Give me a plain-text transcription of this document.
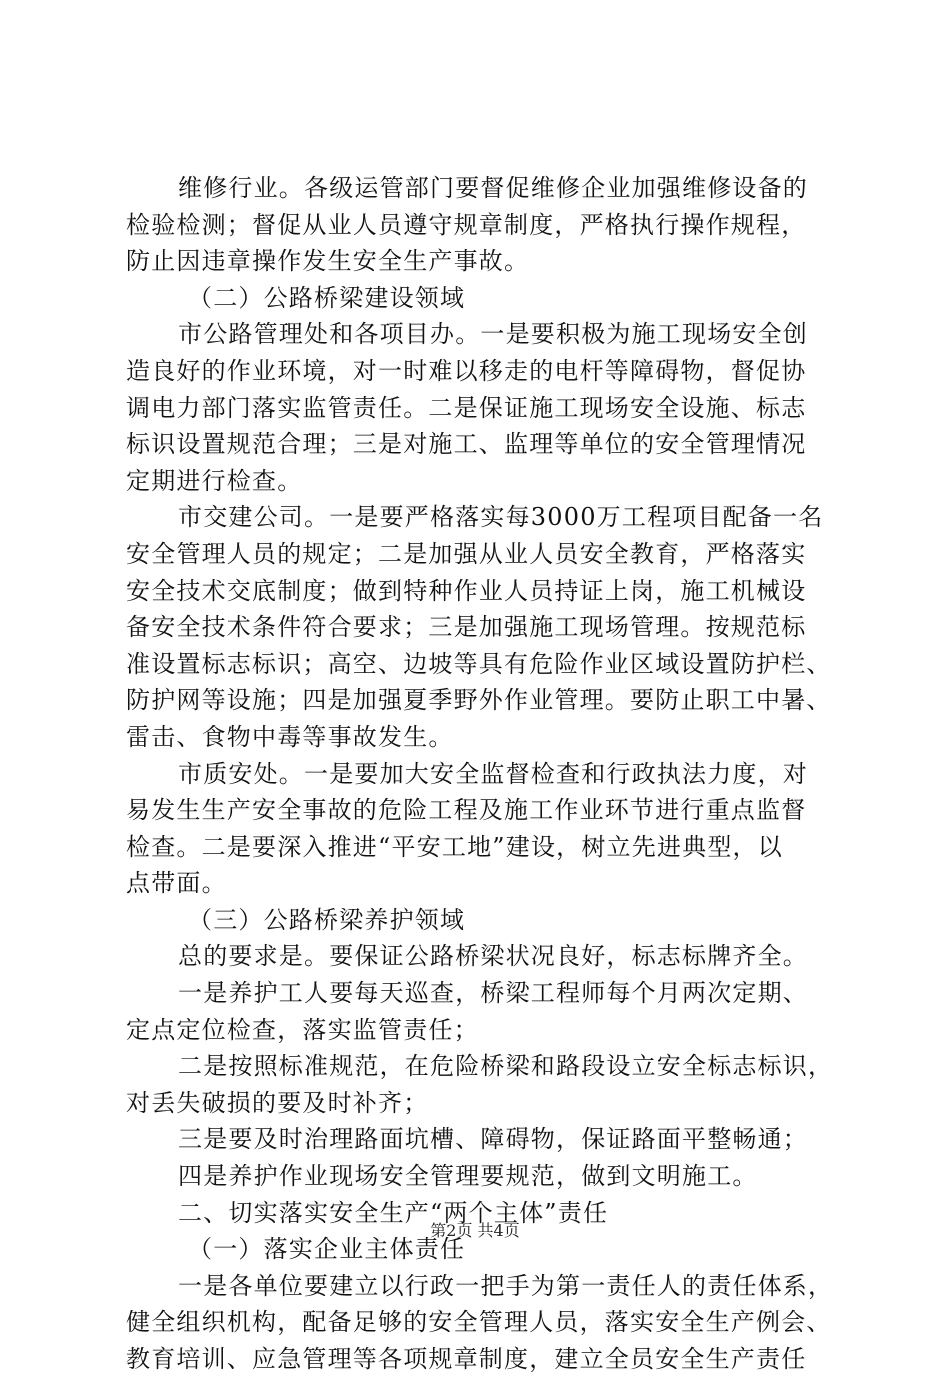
维修行业。各级运管部门要督促维修企业加强维修设备的
检验检测；督促从业人员遵守规章制度，严格执行操作规程，
防止因违章操作发生安全生产事故。
（二）公路桥梁建设领域
市公路管理处和各项目办。一是要积极为施工现场安全创
造良好的作业环境，对一时难以移走的电杆等障碍物，督促协
调电力部门落实监管责任。二是保证施工现场安全设施、标志
标识设置规范合理；三是对施工、监理等单位的安全管理情况
定期进行检查。
市交建公司。一是要严格落实每3000万工程项目配备一名
安全管理人员的规定；二是加强从业人员安全教育，严格落实
安全技术交底制度；做到特种作业人员持证上岗，施工机械设
备安全技术条件符合要求；三是加强施工现场管理。按规范标
准设置标志标识；高空、边坡等具有危险作业区域设置防护栏、
防护网等设施；四是加强夏季野外作业管理。要防止职工中暑、
雷击、食物中毒等事故发生。
市质安处。一是要加大安全监督检查和行政执法力度，对
易发生生产安全事故的危险工程及施工作业环节进行重点监督
检查。二是要深入推进“平安工地”建设，树立先进典型，以
点带面。
（三）公路桥梁养护领域
总的要求是。要保证公路桥梁状况良好，标志标牌齐全。
一是养护工人要每天巡查，桥梁工程师每个月两次定期、
定点定位检查，落实监管责任；
二是按照标准规范，在危险桥梁和路段设立安全标志标识，
对丢失破损的要及时补齐；
三是要及时治理路面坑槽、障碍物，保证路面平整畅通；
四是养护作业现场安全管理要规范，做到文明施工。
二、切实落实安全生产“两个主体”责任
（一）落实企业主体责任
一是各单位要建立以行政一把手为第一责任人的责任体系，
健全组织机构，配备足够的安全管理人员，落实安全生产例会、
教育培训、应急管理等各项规章制度，建立全员安全生产责任
第2页 共4页
